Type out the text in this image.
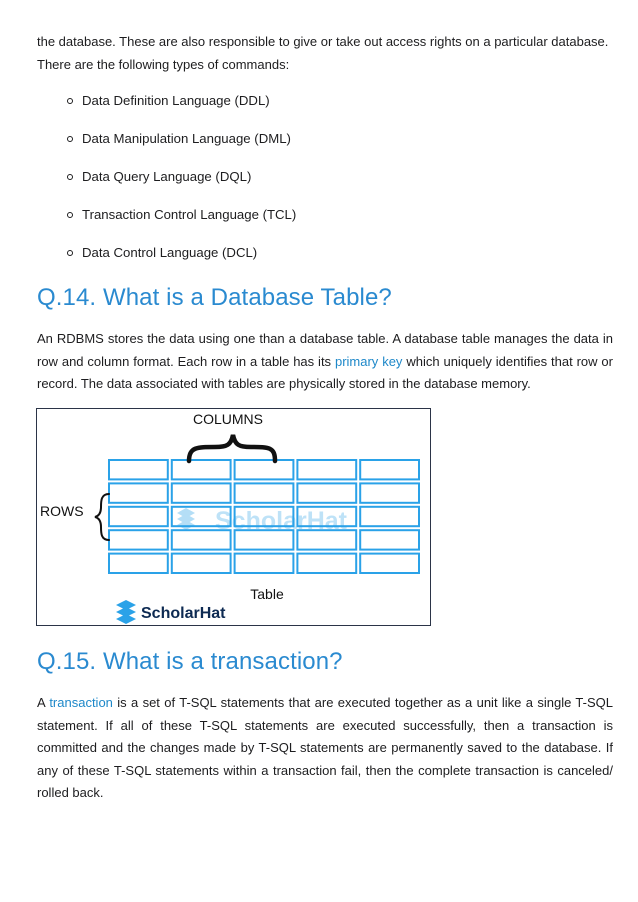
the database. These are also responsible to give or take out access rights on a particular database.
There are the following types of commands:

Data Definition Language (DDL)
Data Manipulation Language (DML)
Data Query Language (DQL)
Transaction Control Language (TCL)
Data Control Language (DCL)
Q.14. What is a Database Table?

An RDBMS stores the data using one than a database table. A database table manages the data in row and column format. Each row in a table has its primary key which uniquely identifies that row or record. The data associated with tables are physically stored in the database memory.

ScholarHat
COLUMNS
ROWS
Table
ScholarHat
Q.15. What is a transaction?

A transaction is a set of T-SQL statements that are executed together as a unit like a single T-SQL statement. If all of these T-SQL statements are executed successfully, then a transaction is committed and the changes made by T-SQL statements are permanently saved to the database. If any of these T-SQL statements within a transaction fail, then the complete transaction is canceled/ rolled back.
